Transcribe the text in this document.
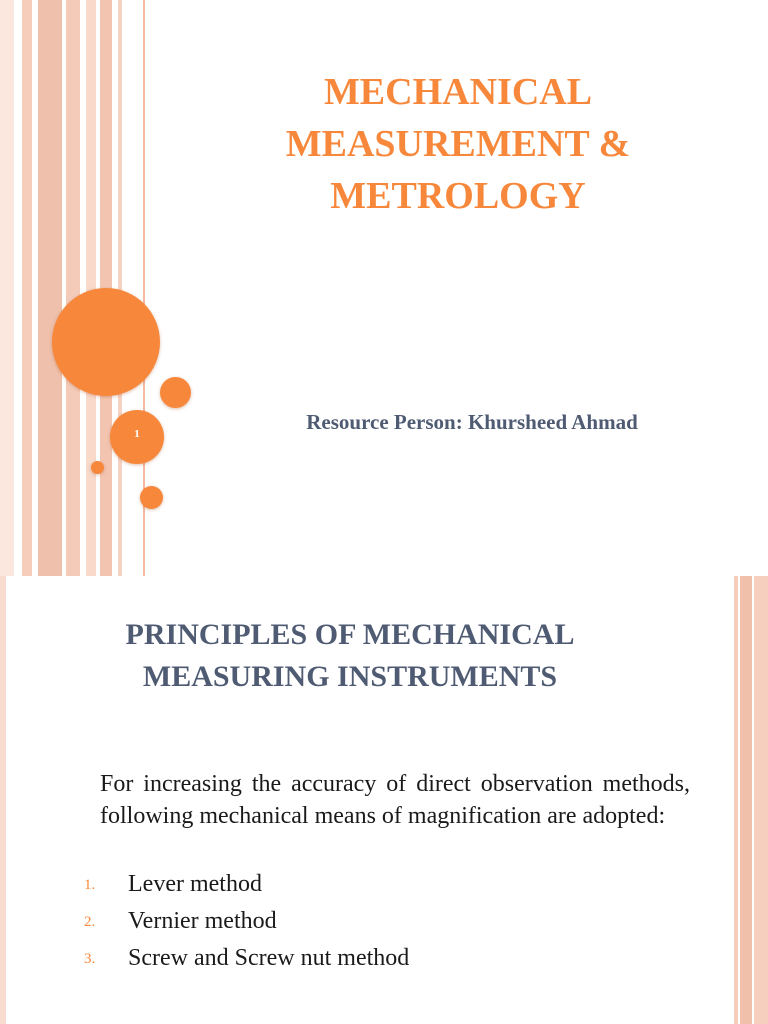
1
MECHANICAL
MEASUREMENT &
METROLOGY

Resource Person: Khursheed Ahmad

PRINCIPLES OF MECHANICAL
MEASURING INSTRUMENTS

For increasing the accuracy of direct observation methods, following mechanical means of magnification are adopted:

1. Lever method
2. Vernier method
3. Screw and Screw nut method
